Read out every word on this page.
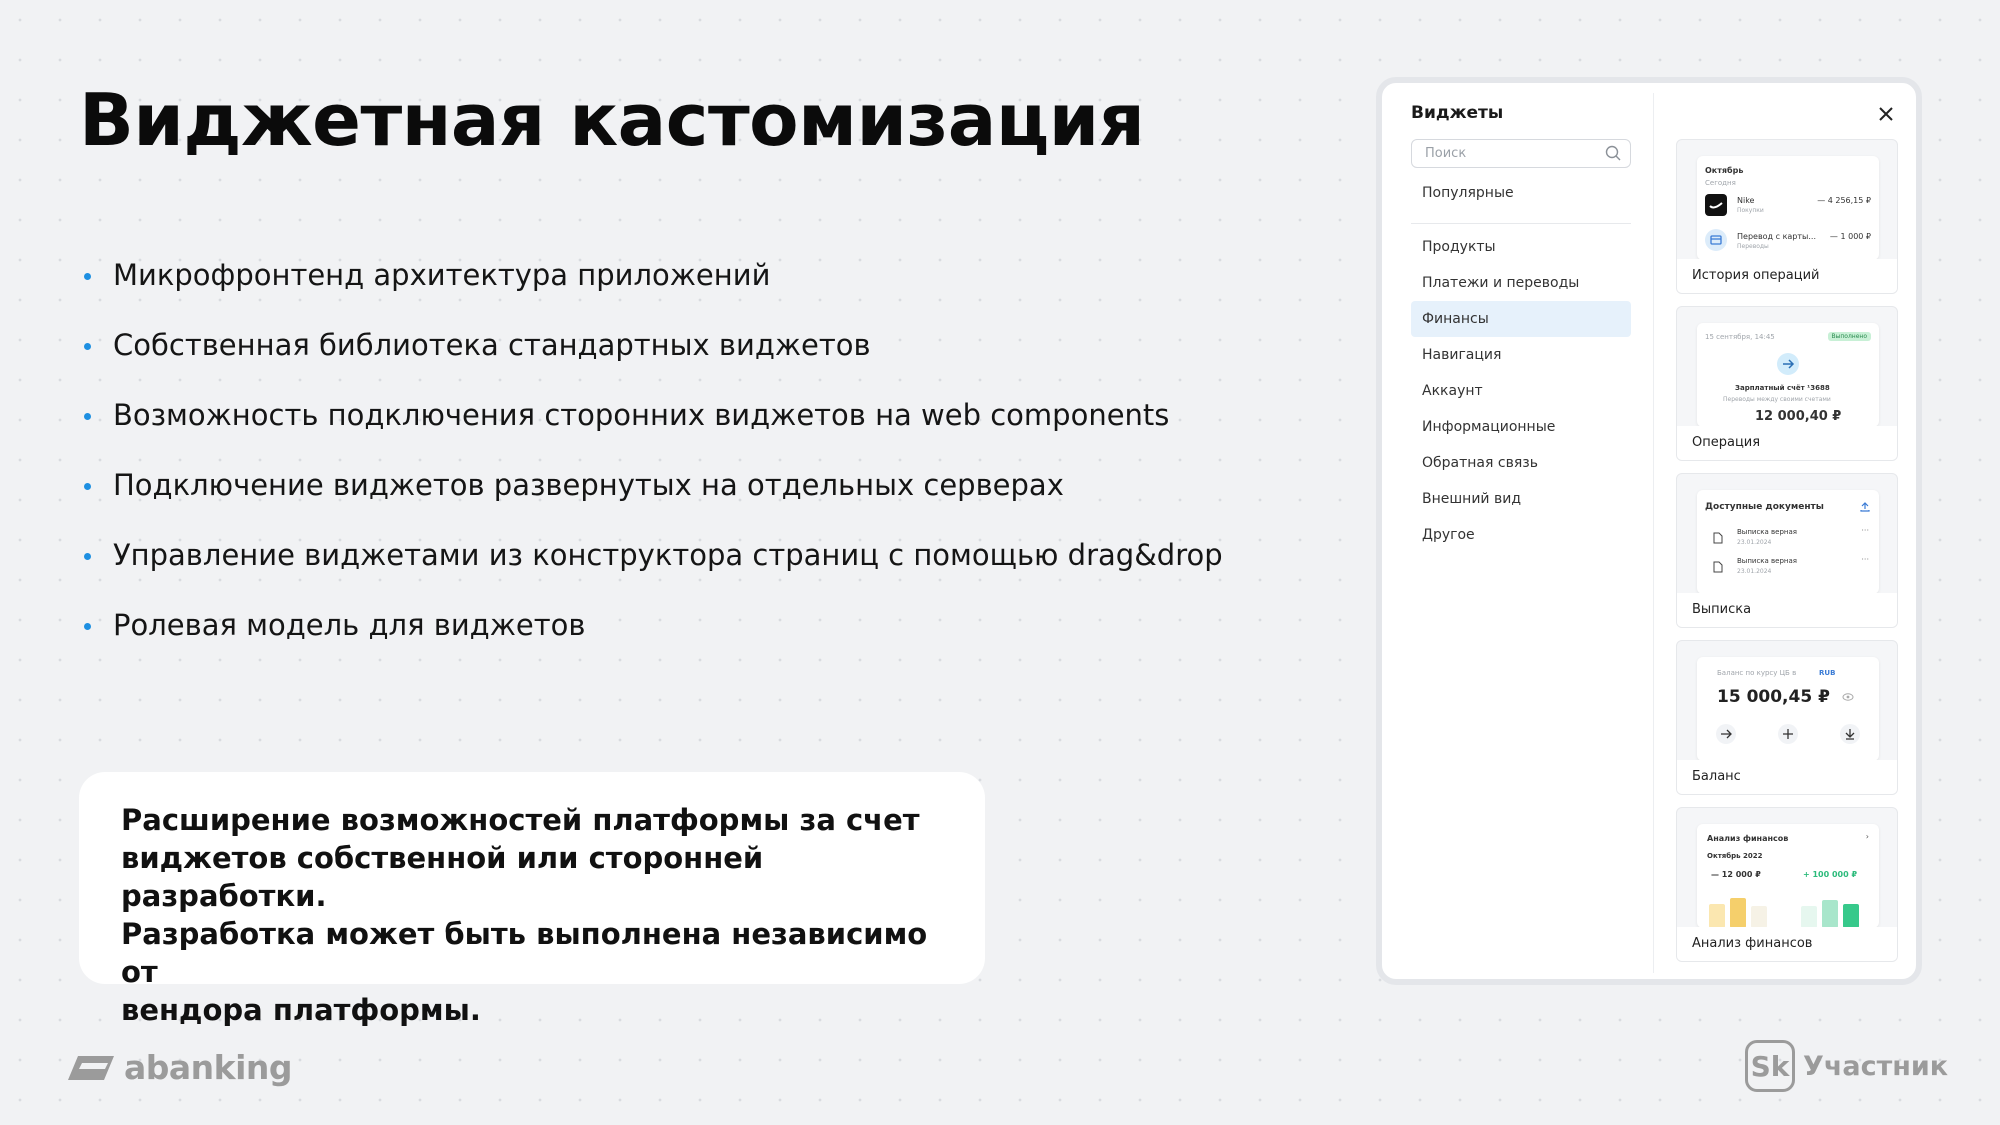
Виджетная кастомизация
Микрофронтенд архитектура приложений
Собственная библиотека стандартных виджетов
Возможность подключения сторонних виджетов на web components
Подключение виджетов развернутых на отдельных серверах
Управление виджетами из конструктора страниц с помощью drag&drop
Ролевая модель для виджетов
Расширение возможностей платформы за счет
виджетов собственной или сторонней разработки.
Разработка может быть выполнена независимо от
вендора платформы.
abanking	Sk Участник
Виджеты
Поиск
Популярные
Продукты
Платежи и переводы
Финансы
Навигация
Аккаунт
Информационные
Обратная связь
Внешний вид
Другое
Октябрь
Сегодня
Nike
Покупки
— 4 256,15 ₽
Перевод с карты...
Переводы
— 1 000 ₽
История операций
15 сентября, 14:45	Выполнено
Зарплатный счёт ¹3688
Переводы между своими счетами
12 000,40 ₽
Операция
Доступные документы
Выписка верная
23.01.2024
···
Выписка верная
23.01.2024
···
Выписка
Баланс по курсу ЦБ в	RUB
15 000,45 ₽
Баланс
Анализ финансов	›
Октябрь 2022
— 12 000 ₽	+ 100 000 ₽
Анализ финансов
